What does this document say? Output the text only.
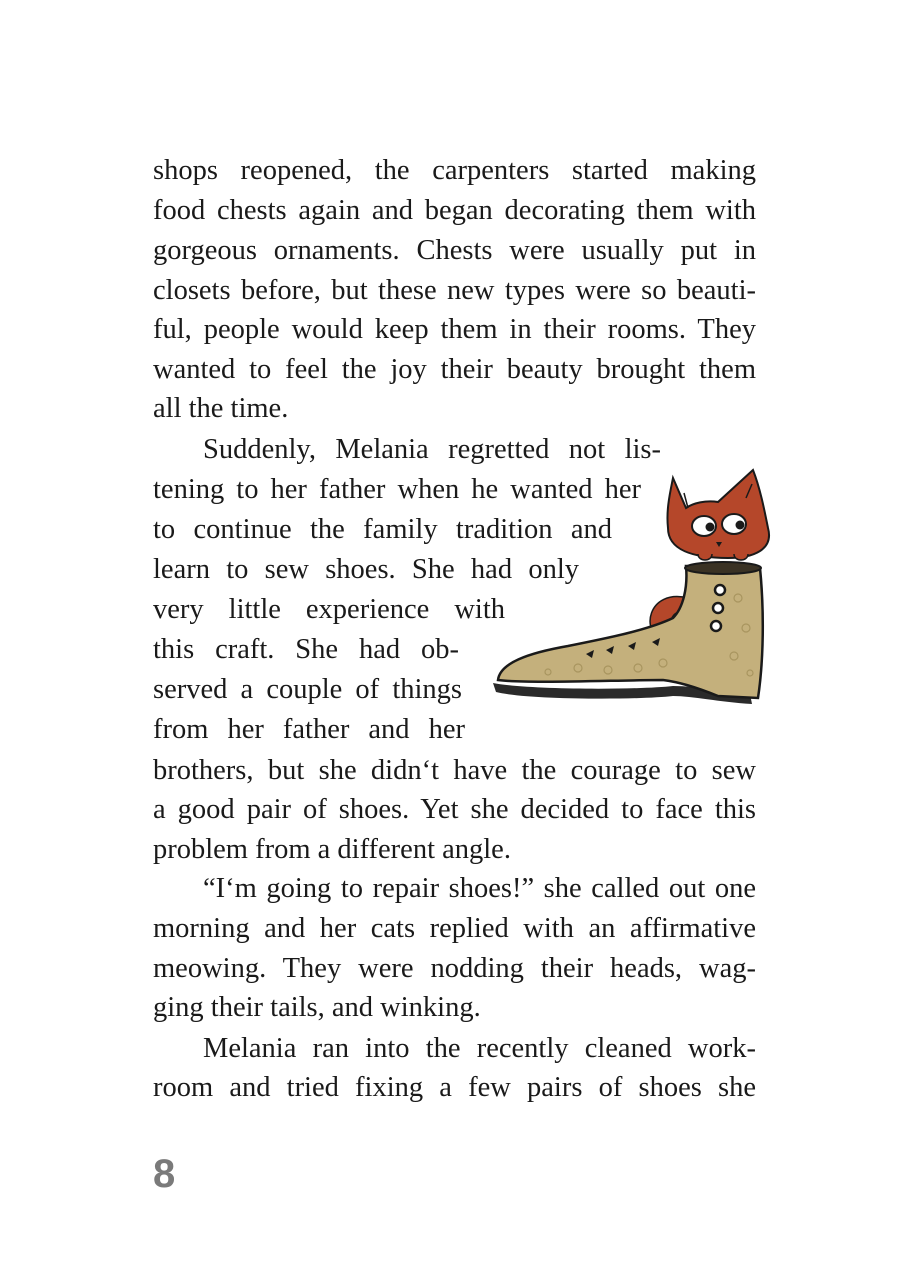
shops reopened, the carpenters started making

food chests again and began decorating them with

gorgeous ornaments. Chests were usually put in

closets before, but these new types were so beauti-

ful, people would keep them in their rooms. They

wanted to feel the joy their beauty brought them

all the time.

Suddenly, Melania regretted not lis-

tening to her father when he wanted her

to continue the family tradition and

learn to sew shoes. She had only

very little experience with

this craft. She had ob-

served a couple of things

from her father and her

brothers, but she didn‘t have the courage to sew

a good pair of shoes. Yet she decided to face this

problem from a different angle.

“I‘m going to repair shoes!” she called out one

morning and her cats replied with an affirmative

meowing. They were nodding their heads, wag-

ging their tails, and winking.

Melania ran into the recently cleaned work-

room and tried fixing a few pairs of shoes she

8
